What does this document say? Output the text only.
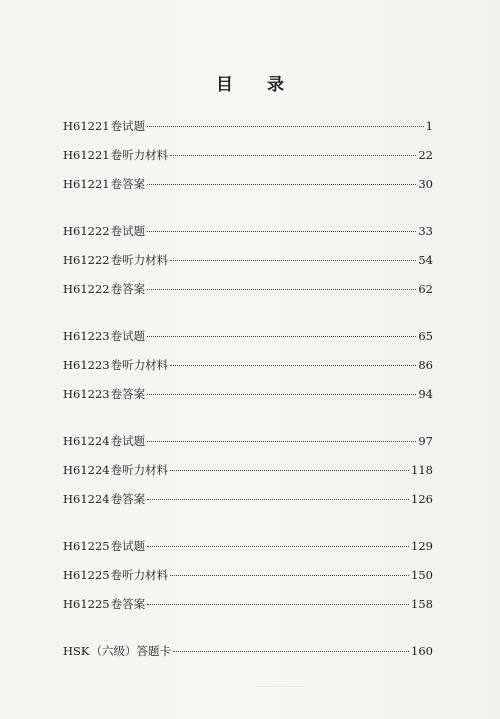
目 录
H61221 卷试题	1
H61221 卷听力材料	22
H61221 卷答案	30
H61222 卷试题	33
H61222 卷听力材料	54
H61222 卷答案	62
H61223 卷试题	65
H61223 卷听力材料	86
H61223 卷答案	94
H61224 卷试题	97
H61224 卷听力材料	118
H61224 卷答案	126
H61225 卷试题	129
H61225 卷听力材料	150
H61225 卷答案	158
HSK （六级）答题卡	160
